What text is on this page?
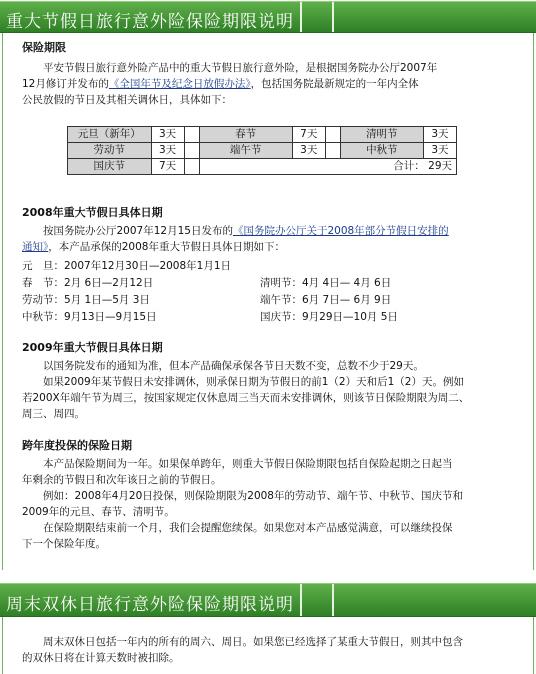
重大节假日旅行意外险保险期限说明

保险期限

平安节假日旅行意外险产品中的重大节假日旅行意外险，是根据国务院办公厅2007年

12月修订并发布的《全国年节及纪念日放假办法》，包括国务院最新规定的一年内全体

公民放假的节日及其相关调休日，具体如下：

元旦（新年）	3天		春节	7天		清明节	3天
劳动节	3天		端午节	3天		中秋节	3天
国庆节	7天		合计： 29天				

2008年重大节假日具体日期

按国务院办公厅2007年12月15日发布的《国务院办公厅关于2008年部分节假日安排的

通知》，本产品承保的2008年重大节假日具体日期如下：

元　旦：2007年12月30日—2008年1月1日
春　节：2月 6日—2月12日	清明节：4月 4日— 4月 6日
劳动节：5月 1日—5月 3日	端午节：6月 7日— 6月 9日
中秋节：9月13日—9月15日	国庆节：9月29日—10月 5日

2009年重大节假日具体日期

以国务院发布的通知为准，但本产品确保承保各节日天数不变，总数不少于29天。

如果2009年某节假日未安排调休，则承保日期为节假日的前1（2）天和后1（2）天。例如

若200X年端午节为周三，按国家规定仅休息周三当天而未安排调休，则该节日保险期限为周二、

周三、周四。

跨年度投保的保险日期

本产品保险期间为一年。如果保单跨年，则重大节假日保险期限包括自保险起期之日起当

年剩余的节假日和次年该日之前的节假日。

例如：2008年4月20日投保，则保险期限为2008年的劳动节、端午节、中秋节、国庆节和

2009年的元旦、春节、清明节。

在保险期限结束前一个月，我们会提醒您续保。如果您对本产品感觉满意，可以继续投保

下一个保险年度。

周末双休日旅行意外险保险期限说明

周末双休日包括一年内的所有的周六、周日。如果您已经选择了某重大节假日，则其中包含

的双休日将在计算天数时被扣除。
